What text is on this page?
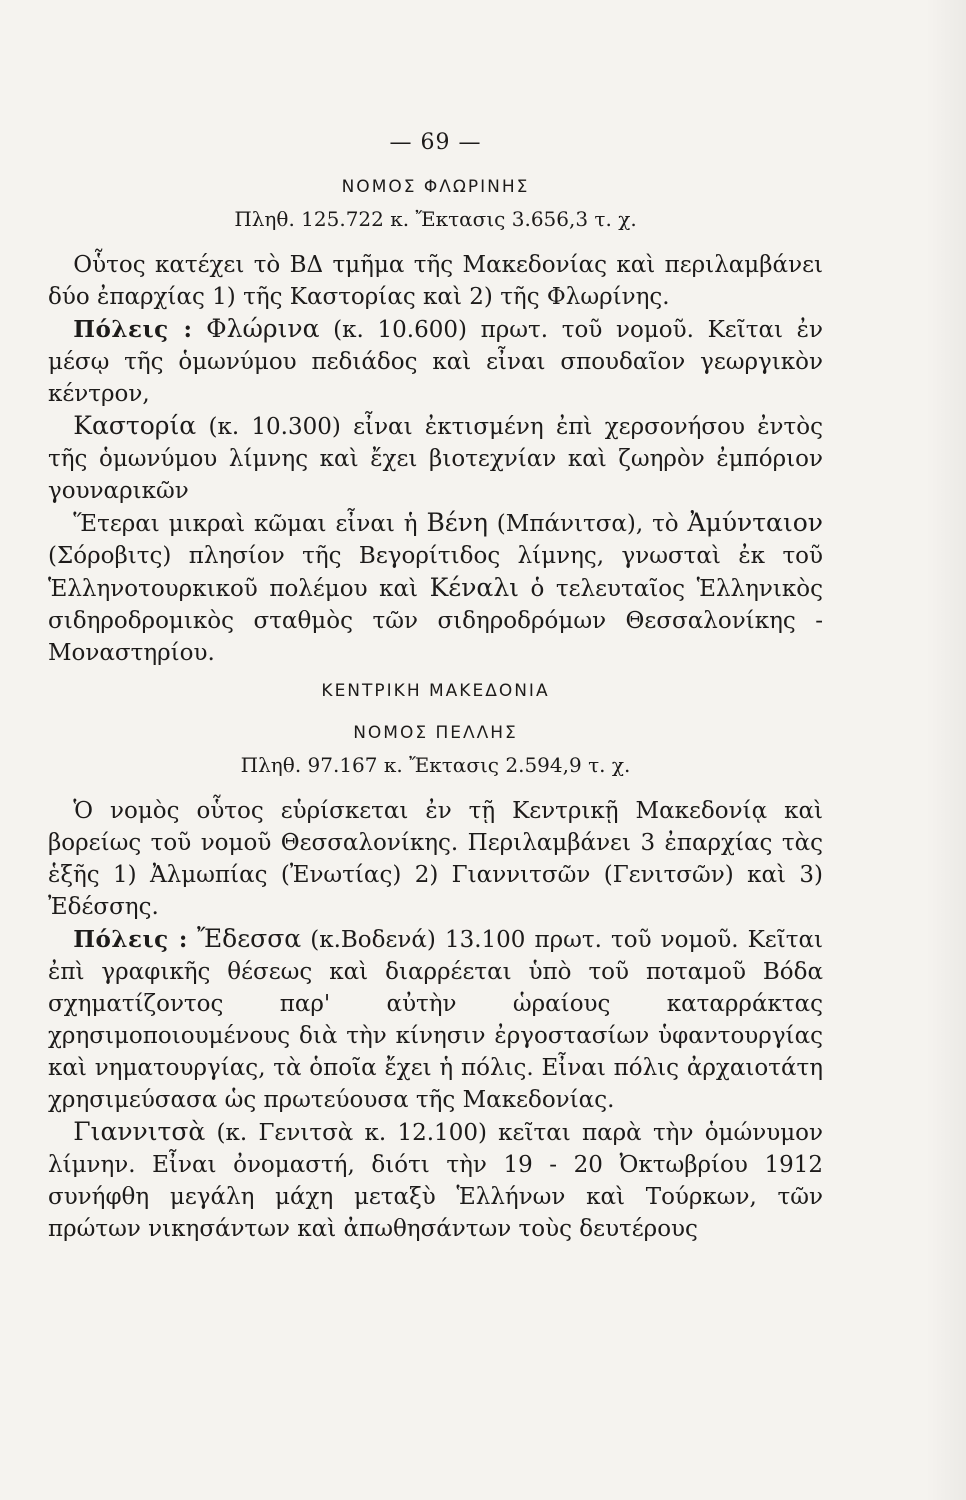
— 69 —
ΝΟΜΟΣ ΦΛΩΡΙΝΗΣ
Πληθ. 125.722 κ. Ἔκτασις 3.656,3 τ. χ.

Οὗτος κατέχει τὸ ΒΔ τμῆμα τῆς Μακεδονίας καὶ περιλαμβάνει δύο ἐπαρχίας 1) τῆς Καστορίας καὶ 2) τῆς Φλωρίνης.

Πόλεις : Φλώρινα (κ. 10.600) πρωτ. τοῦ νομοῦ. Κεῖται ἐν μέσῳ τῆς ὁμωνύμου πεδιάδος καὶ εἶναι σπουδαῖον γεωργικὸν κέντρον,

Καστορία (κ. 10.300) εἶναι ἐκτισμένη ἐπὶ χερσονήσου ἐντὸς τῆς ὁμωνύμου λίμνης καὶ ἔχει βιοτεχνίαν καὶ ζωηρὸν ἐμπόριον γουναρικῶν

Ἕτεραι μικραὶ κῶμαι εἶναι ἡ Βένη (Μπάνιτσα), τὸ Ἀμύνταιον (Σόροβιτς) πλησίον τῆς Βεγορίτιδος λίμνης, γνωσταὶ ἐκ τοῦ Ἑλληνοτουρκικοῦ πολέμου καὶ Κέναλι ὁ τελευταῖος Ἑλληνικὸς σιδηροδρομικὸς σταθμὸς τῶν σιδηροδρόμων Θεσσαλονίκης - Μοναστηρίου.

ΚΕΝΤΡΙΚΗ ΜΑΚΕΔΟΝΙΑ
ΝΟΜΟΣ ΠΕΛΛΗΣ
Πληθ. 97.167 κ. Ἔκτασις 2.594,9 τ. χ.

Ὁ νομὸς οὗτος εὑρίσκεται ἐν τῇ Κεντρικῇ Μακεδονίᾳ καὶ βορείως τοῦ νομοῦ Θεσσαλονίκης. Περιλαμβάνει 3 ἐπαρχίας τὰς ἑξῆς 1) Ἀλμωπίας (Ἐνωτίας) 2) Γιαννιτσῶν (Γενιτσῶν) καὶ 3) Ἐδέσσης.

Πόλεις : Ἔδεσσα (κ.Βοδενά) 13.100 πρωτ. τοῦ νομοῦ. Κεῖται ἐπὶ γραφικῆς θέσεως καὶ διαρρέεται ὑπὸ τοῦ ποταμοῦ Βόδα σχηματίζοντος παρ' αὐτὴν ὡραίους καταρράκτας χρησιμοποιουμένους διὰ τὴν κίνησιν ἐργοστασίων ὑφαντουργίας καὶ νηματουργίας, τὰ ὁποῖα ἔχει ἡ πόλις. Εἶναι πόλις ἀρχαιοτάτη χρησιμεύσασα ὡς πρωτεύουσα τῆς Μακεδονίας.

Γιαννιτσὰ (κ. Γενιτσὰ κ. 12.100) κεῖται παρὰ τὴν ὁμώνυμον λίμνην. Εἶναι ὀνομαστή, διότι τὴν 19 - 20 Ὀκτωβρίου 1912 συνήφθη μεγάλη μάχη μεταξὺ Ἑλλήνων καὶ Τούρκων, τῶν πρώτων νικησάντων καὶ ἀπωθησάντων τοὺς δευτέρους
